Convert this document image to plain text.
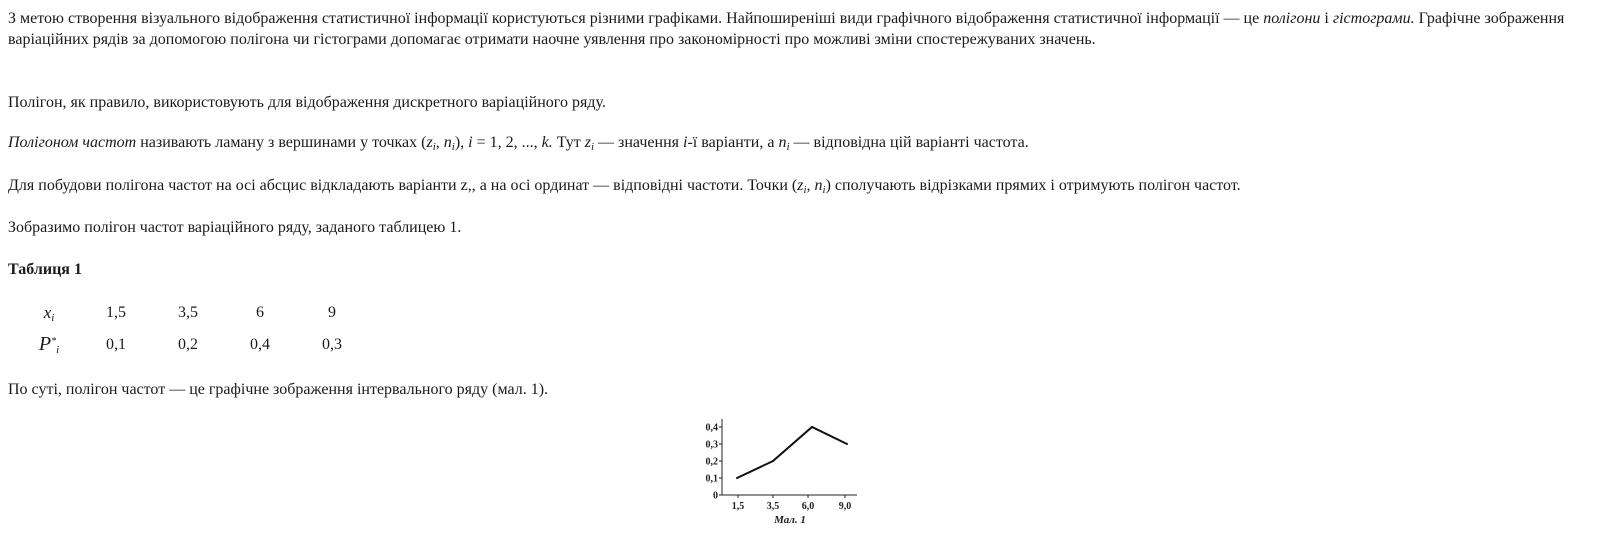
З метою створення візуального відображення статистичної інформації користуються різними графіками. Найпоширеніші види графічного відображення статистичної інформації — це полігони і гістограми. Графічне зображення варіаційних рядів за допомогою полігона чи гістограми допомагає отримати наочне уявлення про закономірності про можливі зміни спостережуваних значень.

Полігон, як правило, використовують для відображення дискретного варіаційного ряду.

Полігоном частот називають ламану з вершинами у точках ($z_i$, $n_i$), i = 1, 2, ..., k. Тут $z_i$ — значення i-ї варіанти, а $n_i$ — відповідна цій варіанті частота.

Для побудови полігона частот на осі абсцис відкладають варіанти z,, а на осі ординат — відповідні частоти. Точки ($z_i$, $n_i$) сполучають відрізками прямих і отримують полігон частот.

Зобразимо полігон частот варіаційного ряду, заданого таблицею 1.

Таблиця 1

$x_i$	1,5	3,5	6	9
$P^*_i$	0,1	0,2	0,4	0,3

По суті, полігон частот — це графічне зображення інтервального ряду (мал. 1).

0
0,1
0,2
0,3
0,4
1,5 3,5 6,0 9,0
Мал. 1
